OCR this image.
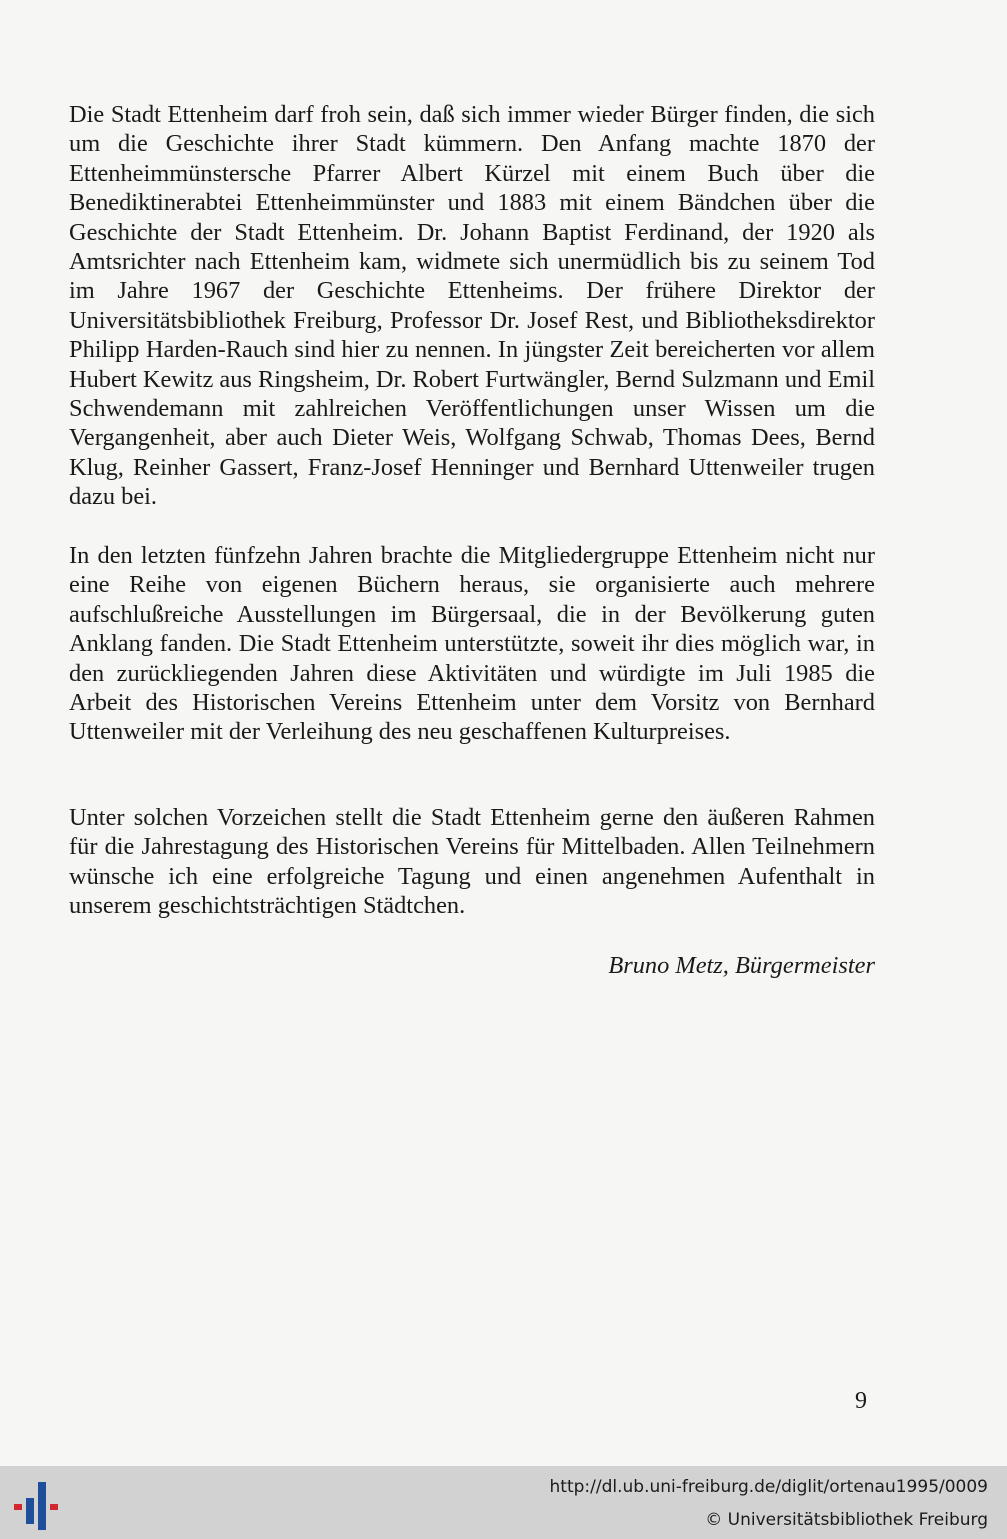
Die Stadt Ettenheim darf froh sein, daß sich immer wieder Bürger finden, die sich um die Geschichte ihrer Stadt kümmern. Den Anfang machte 1870 der Ettenheimmünstersche Pfarrer Albert Kürzel mit einem Buch über die Benediktinerabtei Ettenheimmünster und 1883 mit einem Bändchen über die Geschichte der Stadt Ettenheim. Dr. Johann Baptist Ferdinand, der 1920 als Amtsrichter nach Ettenheim kam, widmete sich unermüdlich bis zu seinem Tod im Jahre 1967 der Geschichte Ettenheims. Der frühere Direktor der Universitätsbibliothek Freiburg, Professor Dr. Josef Rest, und Bibliotheksdirektor Philipp Harden-Rauch sind hier zu nennen. In jüngster Zeit bereicherten vor allem Hubert Kewitz aus Ringsheim, Dr. Robert Furtwängler, Bernd Sulzmann und Emil Schwendemann mit zahlreichen Veröffentlichungen unser Wissen um die Vergangenheit, aber auch Dieter Weis, Wolfgang Schwab, Thomas Dees, Bernd Klug, Reinher Gassert, Franz-Josef Henninger und Bernhard Uttenweiler trugen dazu bei.

In den letzten fünfzehn Jahren brachte die Mitgliedergruppe Ettenheim nicht nur eine Reihe von eigenen Büchern heraus, sie organisierte auch mehrere aufschlußreiche Ausstellungen im Bürgersaal, die in der Bevölkerung guten Anklang fanden. Die Stadt Ettenheim unterstützte, soweit ihr dies möglich war, in den zurückliegenden Jahren diese Aktivitäten und würdigte im Juli 1985 die Arbeit des Historischen Vereins Ettenheim unter dem Vorsitz von Bernhard Uttenweiler mit der Verleihung des neu geschaffenen Kulturpreises.

Unter solchen Vorzeichen stellt die Stadt Ettenheim gerne den äußeren Rahmen für die Jahrestagung des Historischen Vereins für Mittelbaden. Allen Teilnehmern wünsche ich eine erfolgreiche Tagung und einen angenehmen Aufenthalt in unserem geschichtsträchtigen Städtchen.

Bruno Metz, Bürgermeister
9
http://dl.ub.uni-freiburg.de/diglit/ortenau1995/0009
© Universitätsbibliothek Freiburg
